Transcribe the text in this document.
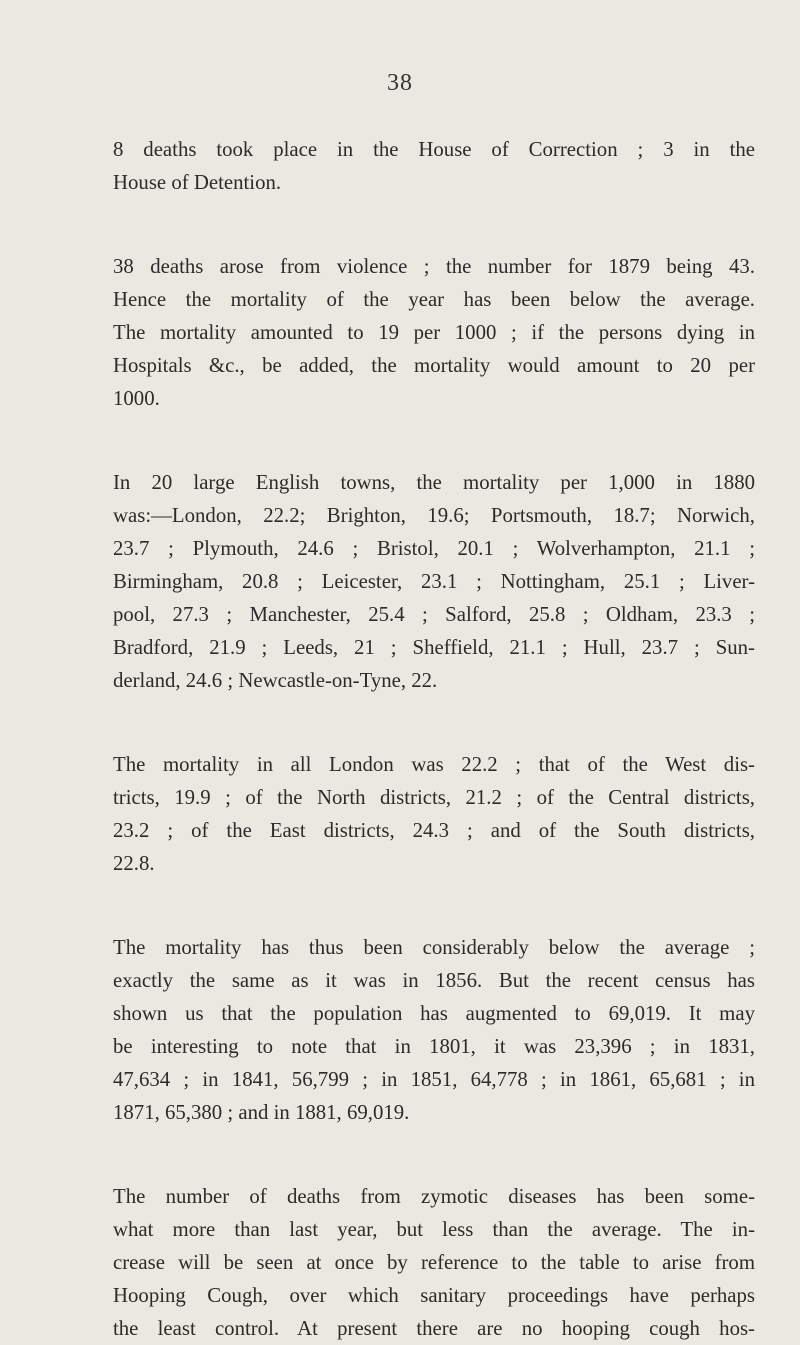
38

8 deaths took place in the House of Correction ; 3 in the
House of Detention.

38 deaths arose from violence ; the number for 1879 being 43.
Hence the mortality of the year has been below the average.
The mortality amounted to 19 per 1000 ; if the persons dying in
Hospitals &c., be added, the mortality would amount to 20 per
1000.

In 20 large English towns, the mortality per 1,000 in 1880
was:—London, 22.2; Brighton, 19.6; Portsmouth, 18.7; Norwich,
23.7 ; Plymouth, 24.6 ; Bristol, 20.1 ; Wolverhampton, 21.1 ;
Birmingham, 20.8 ; Leicester, 23.1 ; Nottingham, 25.1 ; Liver-
pool, 27.3 ; Manchester, 25.4 ; Salford, 25.8 ; Oldham, 23.3 ;
Bradford, 21.9 ; Leeds, 21 ; Sheffield, 21.1 ; Hull, 23.7 ; Sun-
derland, 24.6 ; Newcastle-on-Tyne, 22.

The mortality in all London was 22.2 ; that of the West dis-
tricts, 19.9 ; of the North districts, 21.2 ; of the Central districts,
23.2 ; of the East districts, 24.3 ; and of the South districts,
22.8.

The mortality has thus been considerably below the average ;
exactly the same as it was in 1856. But the recent census has
shown us that the population has augmented to 69,019. It may
be interesting to note that in 1801, it was 23,396 ; in 1831,
47,634 ; in 1841, 56,799 ; in 1851, 64,778 ; in 1861, 65,681 ; in
1871, 65,380 ; and in 1881, 69,019.

The number of deaths from zymotic diseases has been some-
what more than last year, but less than the average. The in-
crease will be seen at once by reference to the table to arise from
Hooping Cough, over which sanitary proceedings have perhaps
the least control. At present there are no hooping cough hos-
